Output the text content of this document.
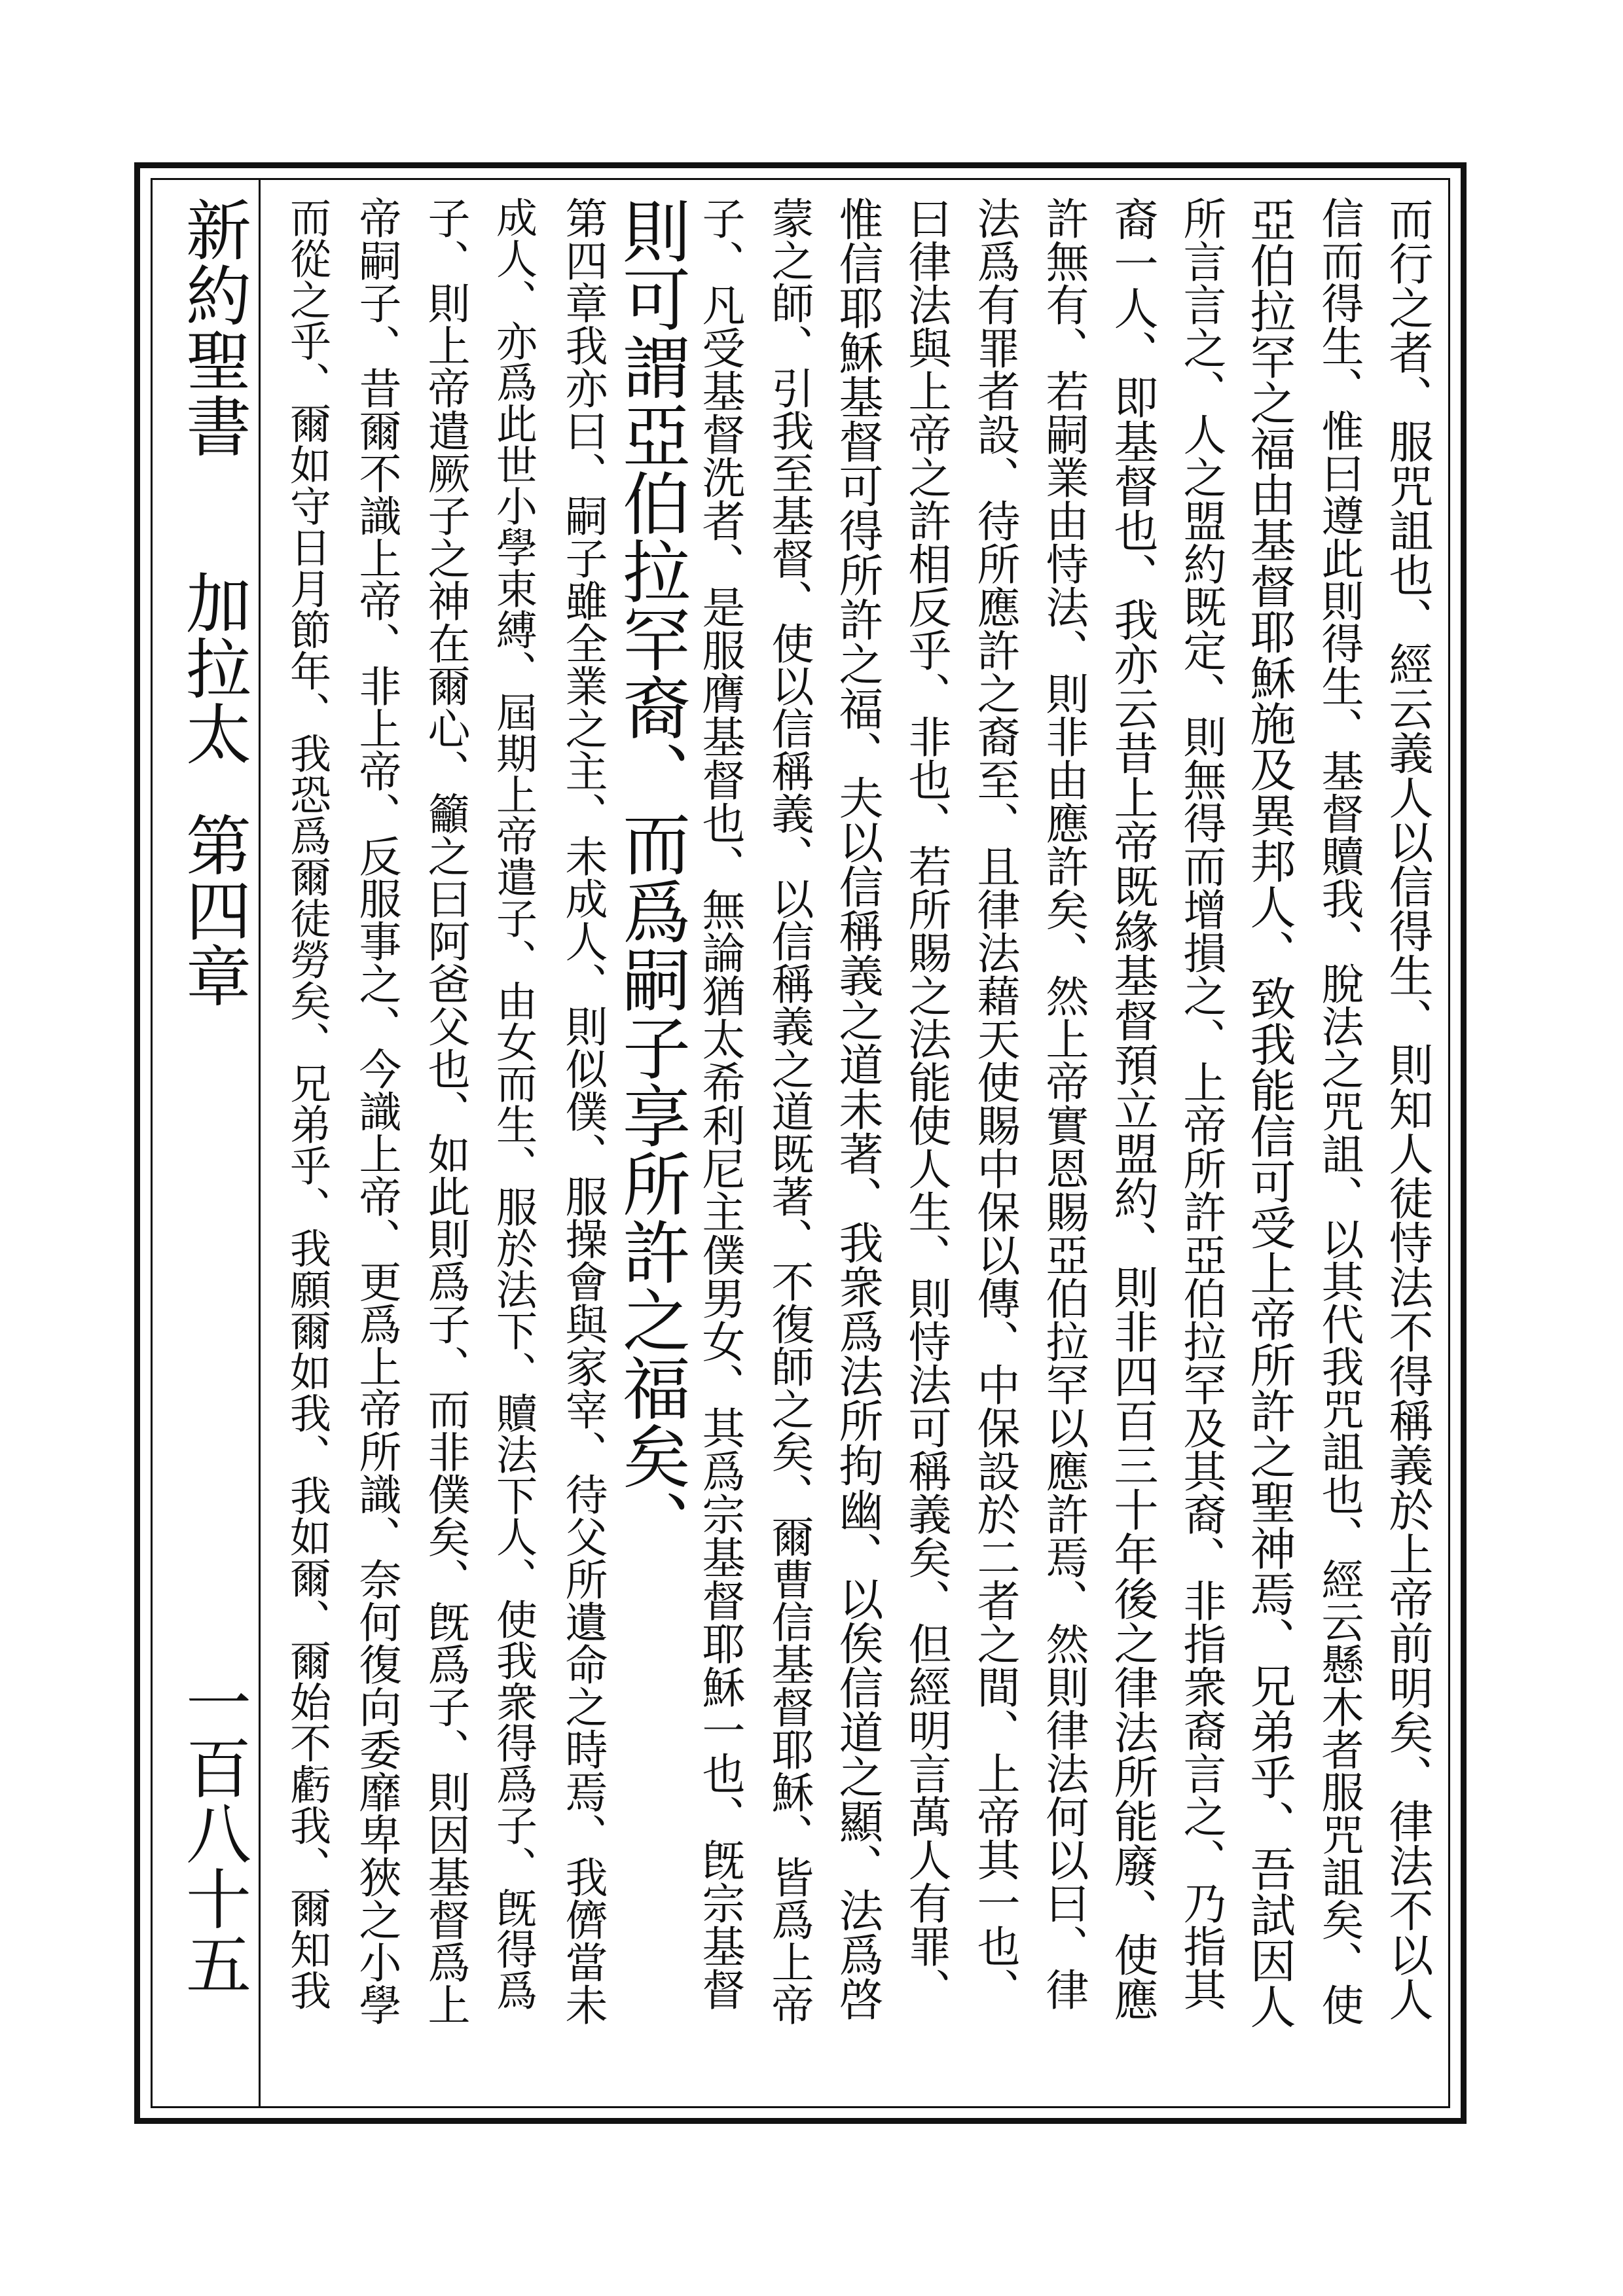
新約聖書
加拉太
第四章
一百八十五	而行之者、服咒詛也、經云義人以信得生、則知人徒恃法不得稱義於上帝前明矣、律法不以人
信而得生、惟曰遵此則得生、基督贖我、脫法之咒詛、以其代我咒詛也、經云懸木者服咒詛矣、使
亞伯拉罕之福由基督耶穌施及異邦人、致我能信可受上帝所許之聖神焉、兄弟乎、吾試因人
所言言之、人之盟約既定、則無得而增損之、上帝所許亞伯拉罕及其裔、非指衆裔言之、乃指其
裔一人、即基督也、我亦云昔上帝既緣基督預立盟約、則非四百三十年後之律法所能廢、使應
許無有、若嗣業由恃法、則非由應許矣、然上帝實恩賜亞伯拉罕以應許焉、然則律法何以曰、律
法爲有罪者設、待所應許之裔至、且律法藉天使賜中保以傳、中保設於二者之間、上帝其一也、
曰律法與上帝之許相反乎、非也、若所賜之法能使人生、則恃法可稱義矣、但經明言萬人有罪、
惟信耶穌基督可得所許之福、夫以信稱義之道未著、我衆爲法所拘幽、以俟信道之顯、法爲啓
蒙之師、引我至基督、使以信稱義、以信稱義之道既著、不復師之矣、爾曹信基督耶穌、皆爲上帝
子、凡受基督洗者、是服膺基督也、無論猶太希利尼主僕男女、其爲宗基督耶穌一也、旣宗基督
則可謂亞伯拉罕裔、而爲嗣子享所許之福矣、
第四章我亦曰、嗣子雖全業之主、未成人、則似僕、服操會與家宰、待父所遺命之時焉、我儕當未
成人、亦爲此世小學束縛、屆期上帝遣子、由女而生、服於法下、贖法下人、使我衆得爲子、旣得爲
子、則上帝遣厥子之神在爾心、籲之曰阿爸父也、如此則爲子、而非僕矣、旣爲子、則因基督爲上
帝嗣子、昔爾不識上帝、非上帝、反服事之、今識上帝、更爲上帝所識、奈何復向委靡卑狹之小學
而從之乎、爾如守日月節年、我恐爲爾徒勞矣、兄弟乎、我願爾如我、我如爾、爾始不虧我、爾知我
